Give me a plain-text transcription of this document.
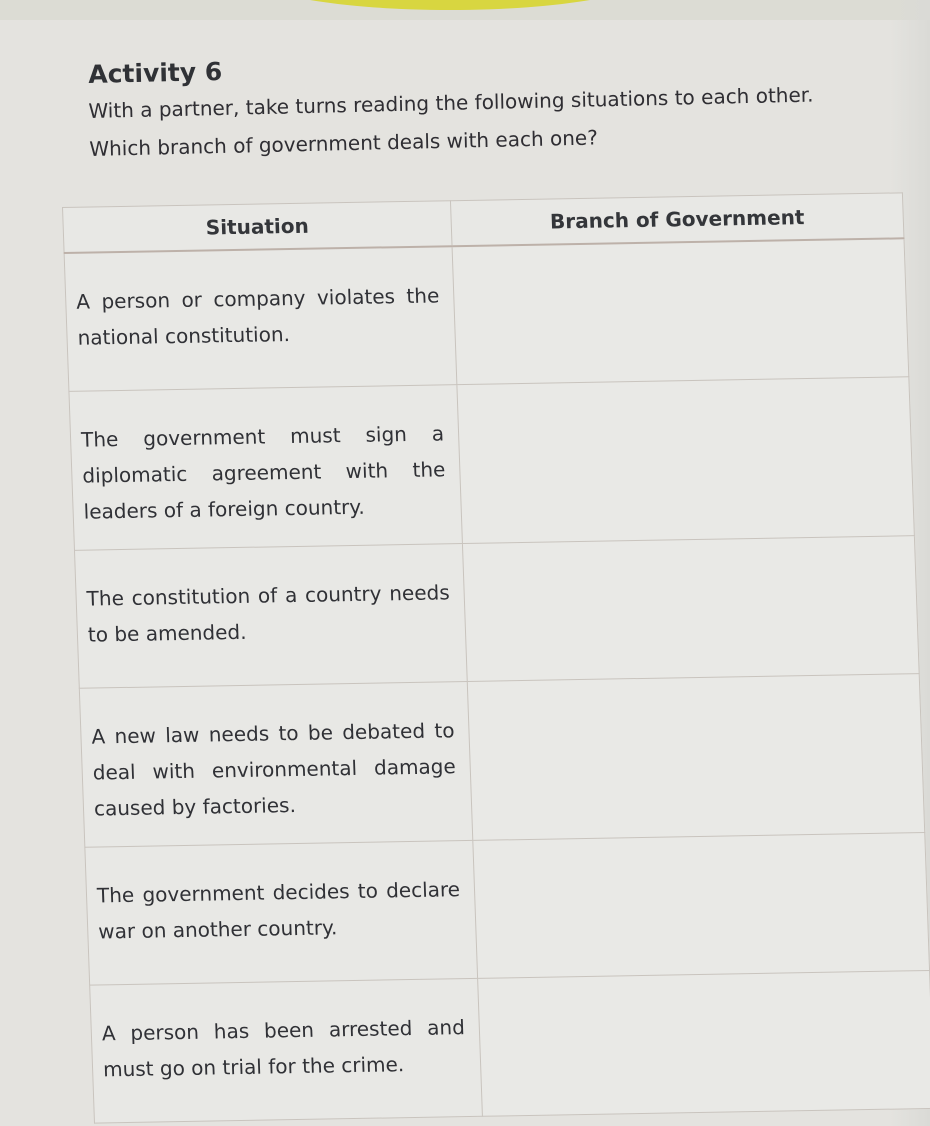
Activity 6
With a partner, take turns reading the following situations to each other.
Which branch of government deals with each one?
Situation	Branch of Government
A person or company violates the national constitution.	
The government must sign a diplomatic agreement with the leaders of a foreign country.	
The constitution of a country needs to be amended.	
A new law needs to be debated to deal with environmental damage caused by factories.	
The government decides to declare war on another country.	
A person has been arrested and must go on trial for the crime.	
